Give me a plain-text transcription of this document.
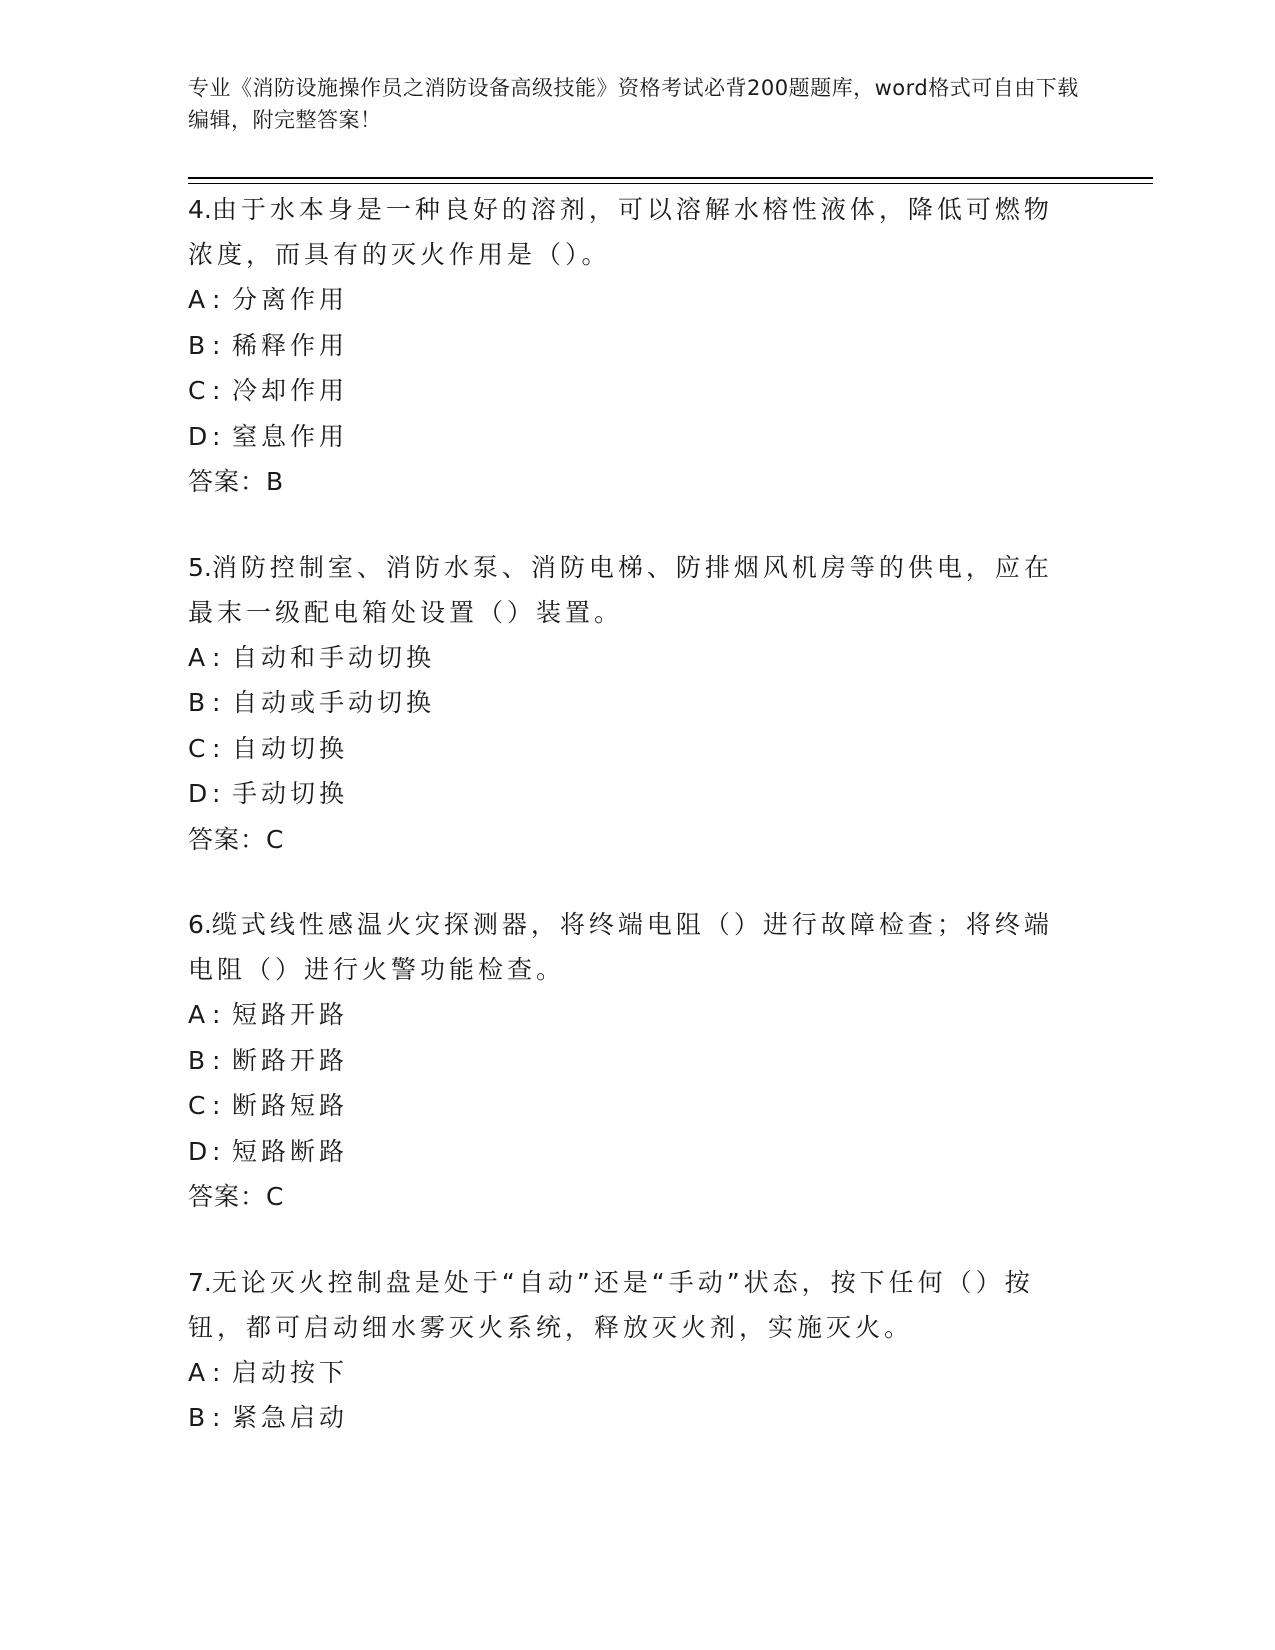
专业《消防设施操作员之消防设备高级技能》资格考试必背200题题库，word格式可自由下载编辑，附完整答案！

4.由于水本身是一种良好的溶剂，可以溶解水榕性液体，降低可燃物浓度，而具有的灭火作用是（）。

A : 分离作用

B : 稀释作用

C : 冷却作用

D : 窒息作用

答案：B

5.消防控制室、消防水泵、消防电梯、防排烟风机房等的供电，应在最末一级配电箱处设置（）装置。

A : 自动和手动切换

B : 自动或手动切换

C : 自动切换

D : 手动切换

答案：C

6.缆式线性感温火灾探测器，将终端电阻（）进行故障检查；将终端电阻（）进行火警功能检查。

A : 短路开路

B : 断路开路

C : 断路短路

D : 短路断路

答案：C

7.无论灭火控制盘是处于“自动”还是“手动”状态，按下任何（）按钮，都可启动细水雾灭火系统，释放灭火剂，实施灭火。

A : 启动按下

B : 紧急启动
